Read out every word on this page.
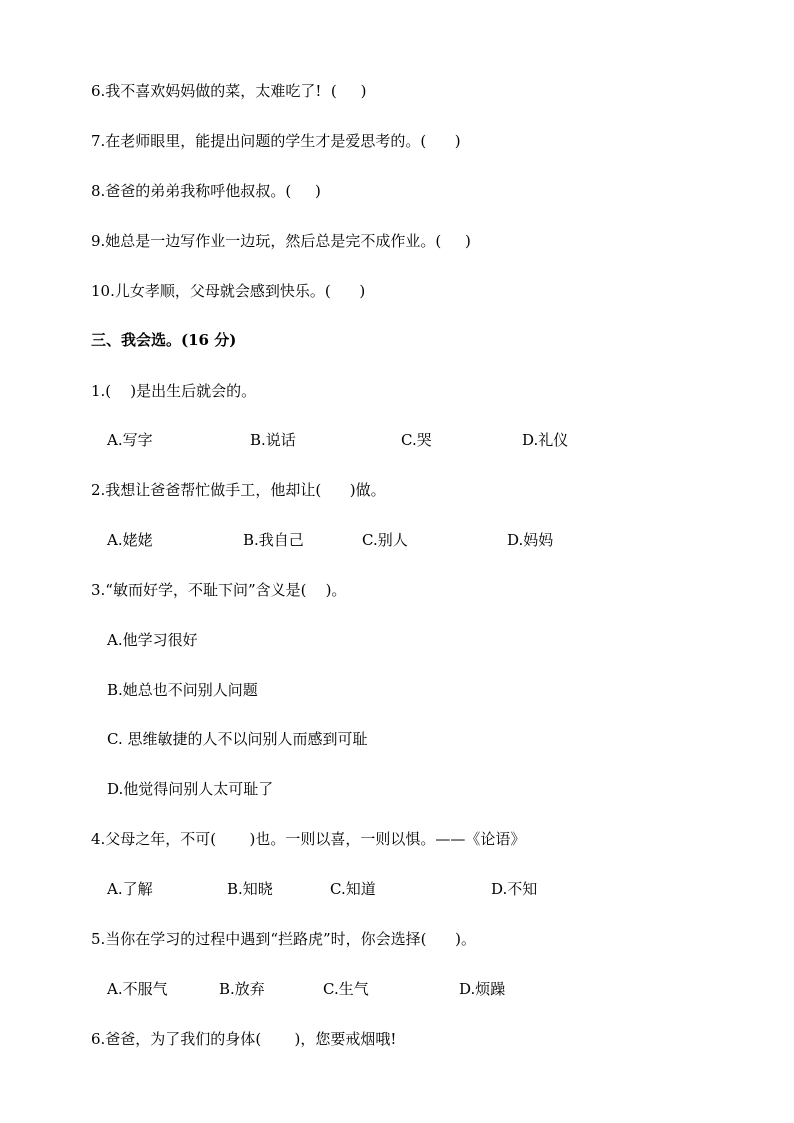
6.我不喜欢妈妈做的菜，太难吃了!  (     )
7.在老师眼里，能提出问题的学生才是爱思考的。(      )
8.爸爸的弟弟我称呼他叔叔。(     )
9.她总是一边写作业一边玩，然后总是完不成作业。(     )
10.儿女孝顺，父母就会感到快乐。(      )
三、我会选。(16 分)
1.(    )是出生后就会的。
A.写字	B.说话	C.哭	D.礼仪
2.我想让爸爸帮忙做手工，他却让(      )做。
A.姥姥	B.我自己	C.别人	D.妈妈
3.“敏而好学，不耻下问”含义是(    )。
A.他学习很好
B.她总也不问别人问题
C. 思维敏捷的人不以问别人而感到可耻
D.他觉得问别人太可耻了
4.父母之年，不可(       )也。一则以喜，一则以惧。——《论语》
A.了解	B.知晓	C.知道	D.不知
5.当你在学习的过程中遇到“拦路虎”时，你会选择(      )。
A.不服气	B.放弃	C.生气	D.烦躁
6.爸爸，为了我们的身体(       )，您要戒烟哦!
